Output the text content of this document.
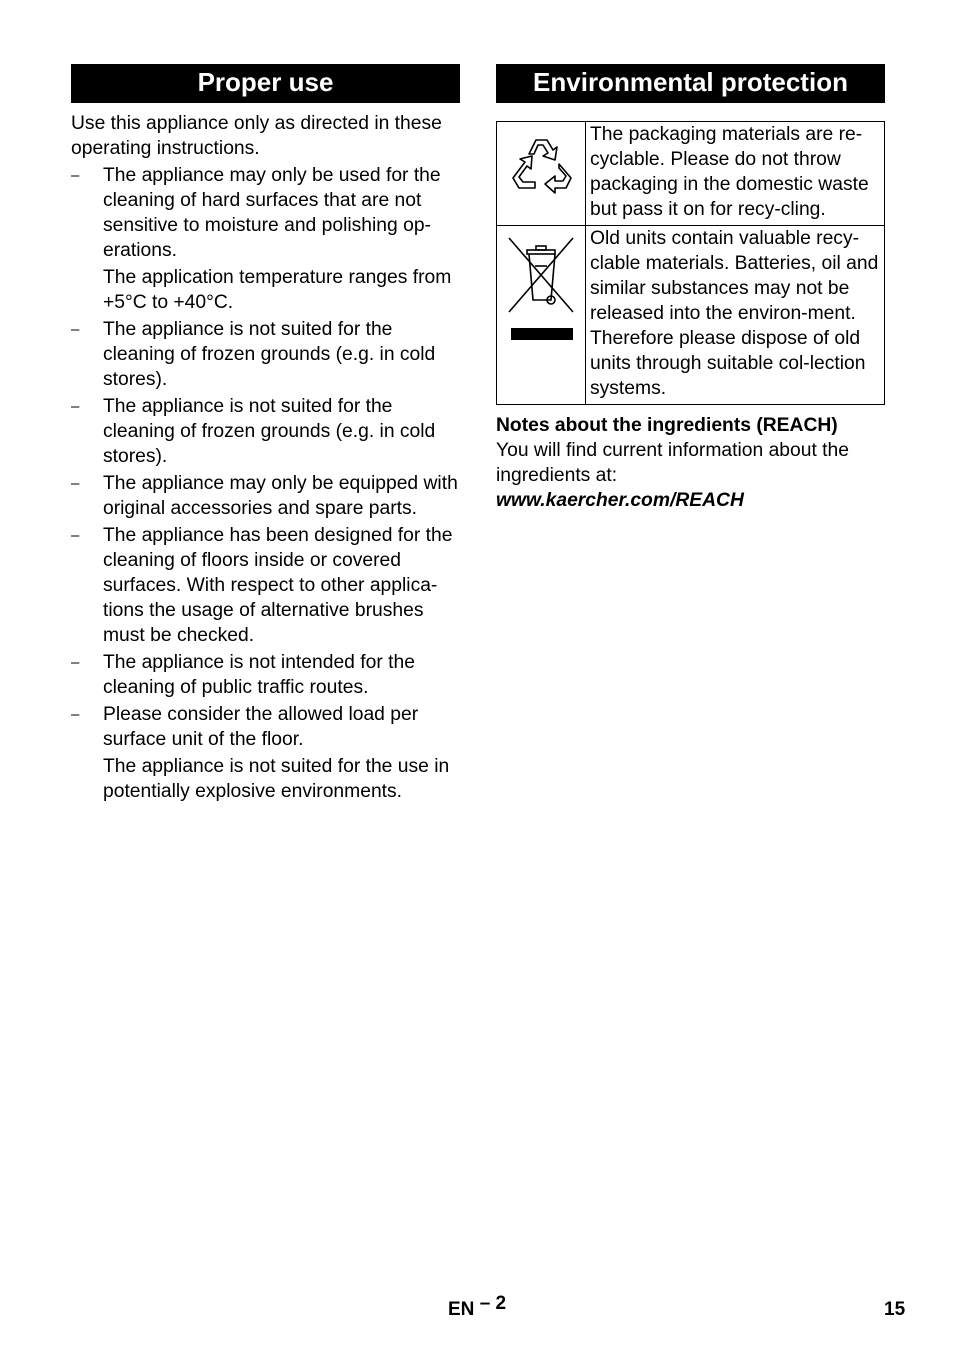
Proper use
Use this appliance only as directed in these operating instructions.
–	The appliance may only be used for the cleaning of hard surfaces that are not sensitive to moisture and polishing op-erations.

The application temperature ranges from +5°C to +40°C.

–	The appliance is not suited for the cleaning of frozen grounds (e.g. in cold stores).

–	The appliance is not suited for the cleaning of frozen grounds (e.g. in cold stores).

–	The appliance may only be equipped with original accessories and spare parts.

–	The appliance has been designed for the cleaning of floors inside or covered surfaces. With respect to other applica-tions the usage of alternative brushes must be checked.

–	The appliance is not intended for the cleaning of public traffic routes.

–	Please consider the allowed load per surface unit of the floor.

The appliance is not suited for the use in potentially explosive environments.

Environmental protection
	The packaging materials are re-cyclable. Please do not throw packaging in the domestic waste but pass it on for recy-cling.

	Old units contain valuable recy-clable materials. Batteries, oil and similar substances may not be released into the environ-ment. Therefore please dispose of old units through suitable col-lection systems.
Notes about the ingredients (REACH)
You will find current information about the ingredients at:
www.kaercher.com/REACH
EN – 2	15
